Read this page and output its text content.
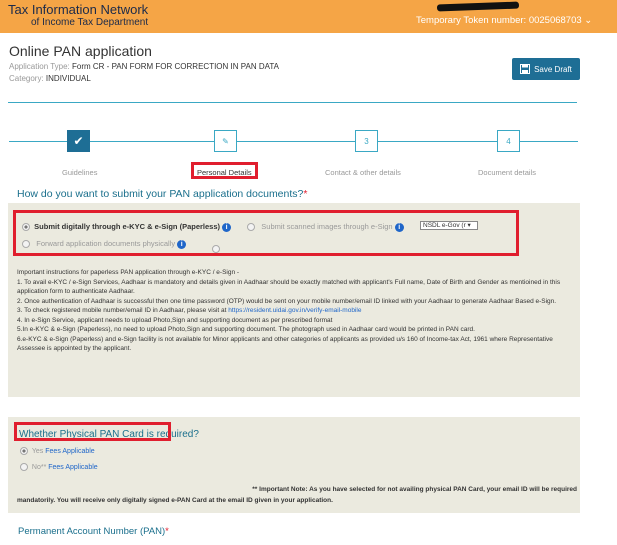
Tax Information Network
of Income Tax Department	Temporary Token number: 0025068703 ⌄
Online PAN application
Application Type: Form CR - PAN FORM FOR CORRECTION IN PAN DATA
Category: INDIVIDUAL
Save Draft
✔	✎	3	4
Guidelines	Personal Details	Contact & other details	Document details
How do you want to submit your PAN application documents?*
Submit digitally through e-KYC & e-Sign (Paperless) i	Submit scanned images through e-Sign i	NSDL e-Gov (r ▾
Forward application documents physically i
Important instructions for paperless PAN application through e-KYC / e-Sign -
1. To avail e-KYC / e-Sign Services, Aadhaar is mandatory and details given in Aadhaar should be exactly matched with applicant's Full name, Date of Birth and Gender as mentioined in this application form to authenticate Aadhaar.
2. Once authentication of Aadhaar is successful then one time password (OTP) would be sent on your mobile number/email ID linked with your Aadhaar to generate Aadhaar Based e-Sign.
3. To check registered mobile number/email ID in Aadhaar, please visit at https://resident.uidai.gov.in/verify-email-mobile
4. In e-Sign Service, applicant needs to upload Photo,Sign and supporting document as per prescribed format
5.In e-KYC & e-Sign (Paperless), no need to upload Photo,Sign and supporting document. The photograph used in Aadhaar card would be printed in PAN card.
6.e-KYC & e-Sign (Paperless) and e-Sign facility is not available for Minor applicants and other categories of applicants as provided u/s 160 of Income-tax Act, 1961 where Representative Assessee is appointed by the applicant.
Whether Physical PAN Card is required?
Yes Fees Applicable
No** Fees Applicable
** Important Note: As you have selected for not availing physical PAN Card, your email ID will be required
mandatorily. You will receive only digitally signed e-PAN Card at the email ID given in your application.
Permanent Account Number (PAN)*
